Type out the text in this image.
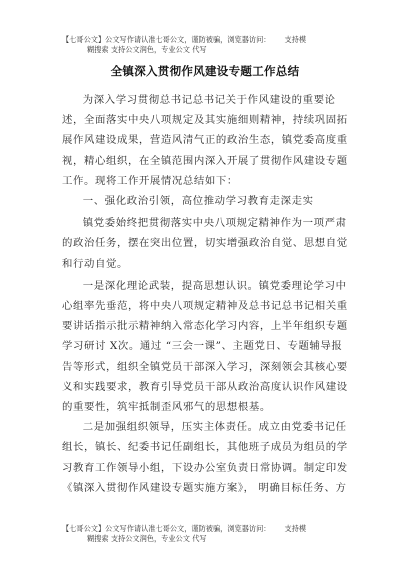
【七哥公文】公文写作请认准七哥公文，谨防被骗，浏览器访问： 支持模
糊搜索 支持公文润色，专业公文 代写
全镇深入贯彻作风建设专题工作总结

为深入学习贯彻总书记总书记关于作风建设的重要论述，全面落实中央八项规定及其实施细则精神，持续巩固拓展作风建设成果，营造风清气正的政治生态，镇党委高度重视，精心组织，在全镇范围内深入开展了贯彻作风建设专题工作。现将工作开展情况总结如下：

一、强化政治引领，高位推动学习教育走深走实

镇党委始终把贯彻落实中央八项规定精神作为一项严肃的政治任务，摆在突出位置，切实增强政治自觉、思想自觉和行动自觉。

一是深化理论武装，提高思想认识。镇党委理论学习中心组率先垂范，将中央八项规定精神及总书记总书记相关重要讲话指示批示精神纳入常态化学习内容，上半年组织专题学习研讨 X次。通过 “三会一课”、主题党日、专题辅导报 告等形式，组织全镇党员干部深入学习，深刻领会其核心要 义和实践要求，教育引导党员干部从政治高度认识作风建设 的重要性，筑牢抵制歪风邪气的思想根基。

二是加强组织领导，压实主体责任。成立由党委书记任组长，镇长、纪委书记任副组长，其他班子成员为组员的学习教育工作领导小组，下设办公室负责日常协调。制定印发《镇深入贯彻作风建设专题实施方案》， 明确目标任务、方

【七哥公文】公文写作请认准七哥公文，谨防被骗，浏览器访问： 支持模
糊搜索 支持公文润色，专业公文 代写
